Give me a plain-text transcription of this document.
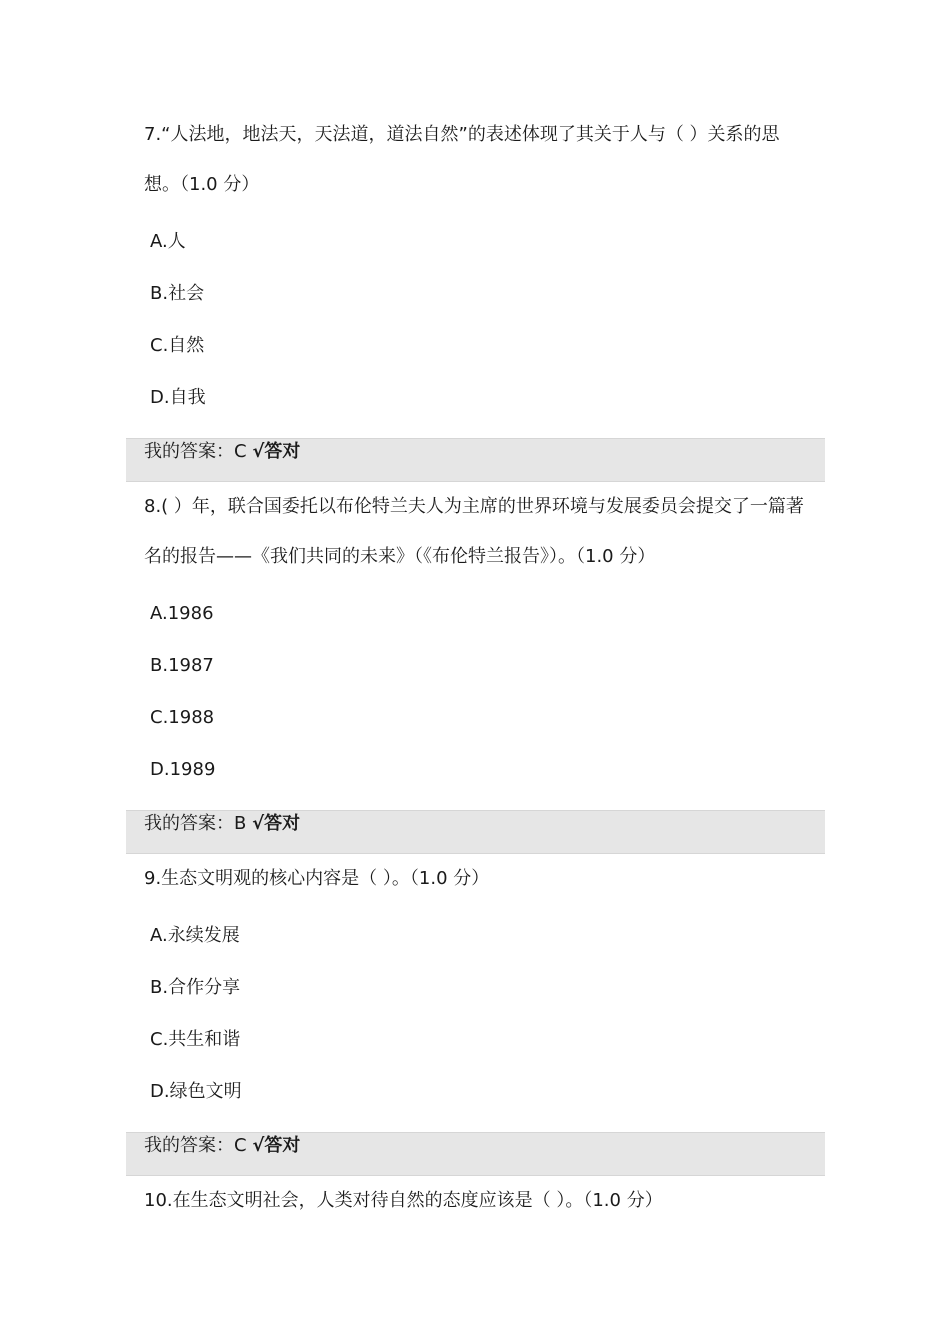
7.“人法地，地法天，天法道，道法自然”的表述体现了其关于人与（ ）关系的思想。（1.0 分）
A.人
B.社会
C.自然
D.自我
我的答案：C √答对
8.( ）年，联合国委托以布伦特兰夫人为主席的世界环境与发展委员会提交了一篇著名的报告——《我们共同的未来》（《布伦特兰报告》）。（1.0 分）
A.1986
B.1987
C.1988
D.1989
我的答案：B √答对
9.生态文明观的核心内容是（ ）。（1.0 分）
A.永续发展
B.合作分享
C.共生和谐
D.绿色文明
我的答案：C √答对
10.在生态文明社会，人类对待自然的态度应该是（ ）。（1.0 分）
